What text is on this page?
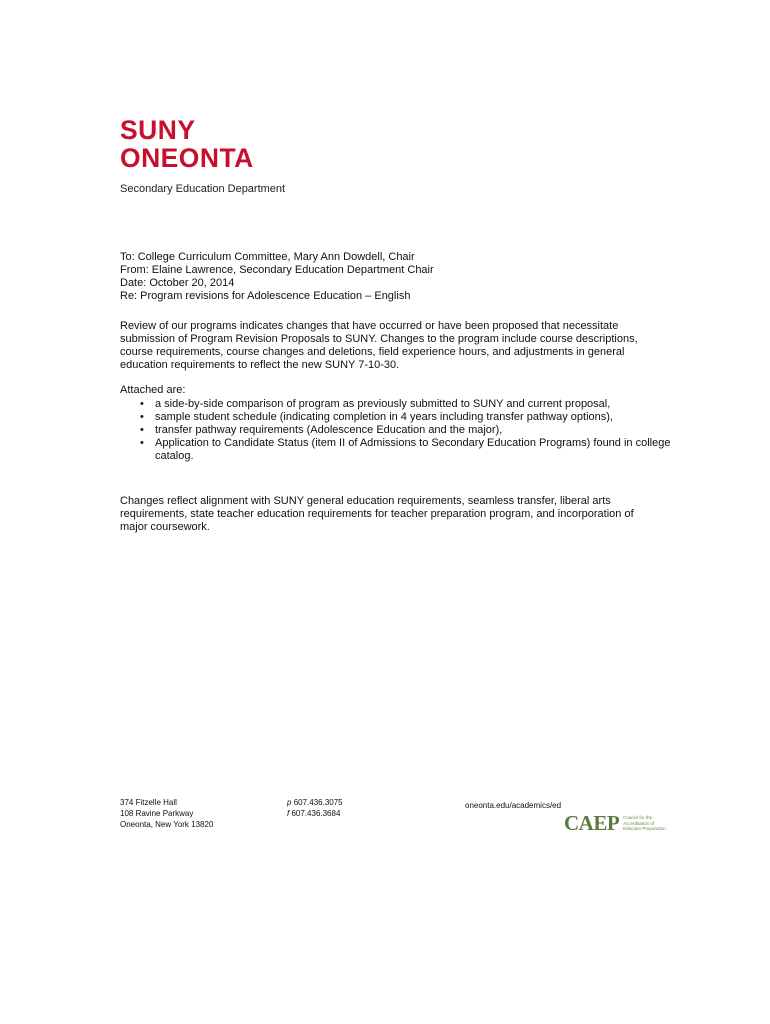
SUNY
ONEONTA
Secondary Education Department
To: College Curriculum Committee, Mary Ann Dowdell, Chair
From: Elaine Lawrence, Secondary Education Department Chair
Date: October 20, 2014
Re: Program revisions for Adolescence Education – English
Review of our programs indicates changes that have occurred or have been proposed that necessitate submission of Program Revision Proposals to SUNY. Changes to the program include course descriptions, course requirements, course changes and deletions, field experience hours, and adjustments in general education requirements to reflect the new SUNY 7-10-30.
Attached are:
• a side-by-side comparison of program as previously submitted to SUNY and current proposal,
• sample student schedule (indicating completion in 4 years including transfer pathway options),
• transfer pathway requirements (Adolescence Education and the major),
• Application to Candidate Status (item II of Admissions to Secondary Education Programs) found in college catalog.
Changes reflect alignment with SUNY general education requirements, seamless transfer, liberal arts requirements, state teacher education requirements for teacher preparation program, and incorporation of major coursework.
374 Fitzelle Hall
108 Ravine Parkway
Oneonta, New York 13820
p 607.436.3075
f 607.436.3684
oneonta.edu/academics/ed
CAEP Council for the Accreditation of Educator Preparation
